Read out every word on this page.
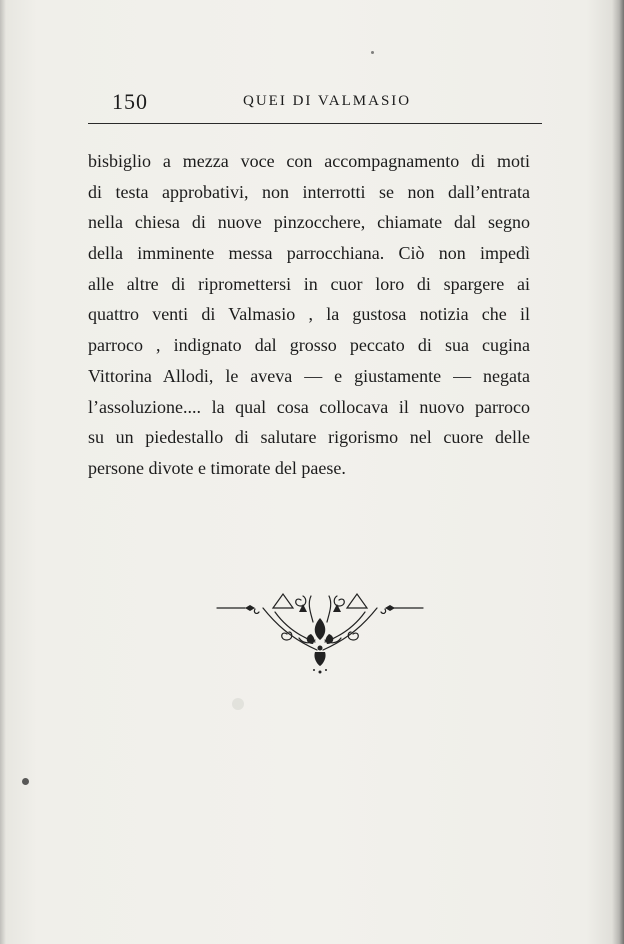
150	QUEI DI VALMASIO
bisbiglio a mezza voce con accompagnamento di moti
di testa approbativi, non interrotti se non dall’entrata
nella chiesa di nuove pinzocchere, chiamate dal segno
della imminente messa parrocchiana. Ciò non impedì
alle altre di ripromettersi in cuor loro di spargere ai
quattro venti di Valmasio , la gustosa notizia che il
parroco , indignato dal grosso peccato di sua cugina
Vittorina Allodi, le aveva — e giustamente — negata
l’assoluzione.... la qual cosa collocava il nuovo parroco
su un piedestallo di salutare rigorismo nel cuore delle
persone divote e timorate del paese.
